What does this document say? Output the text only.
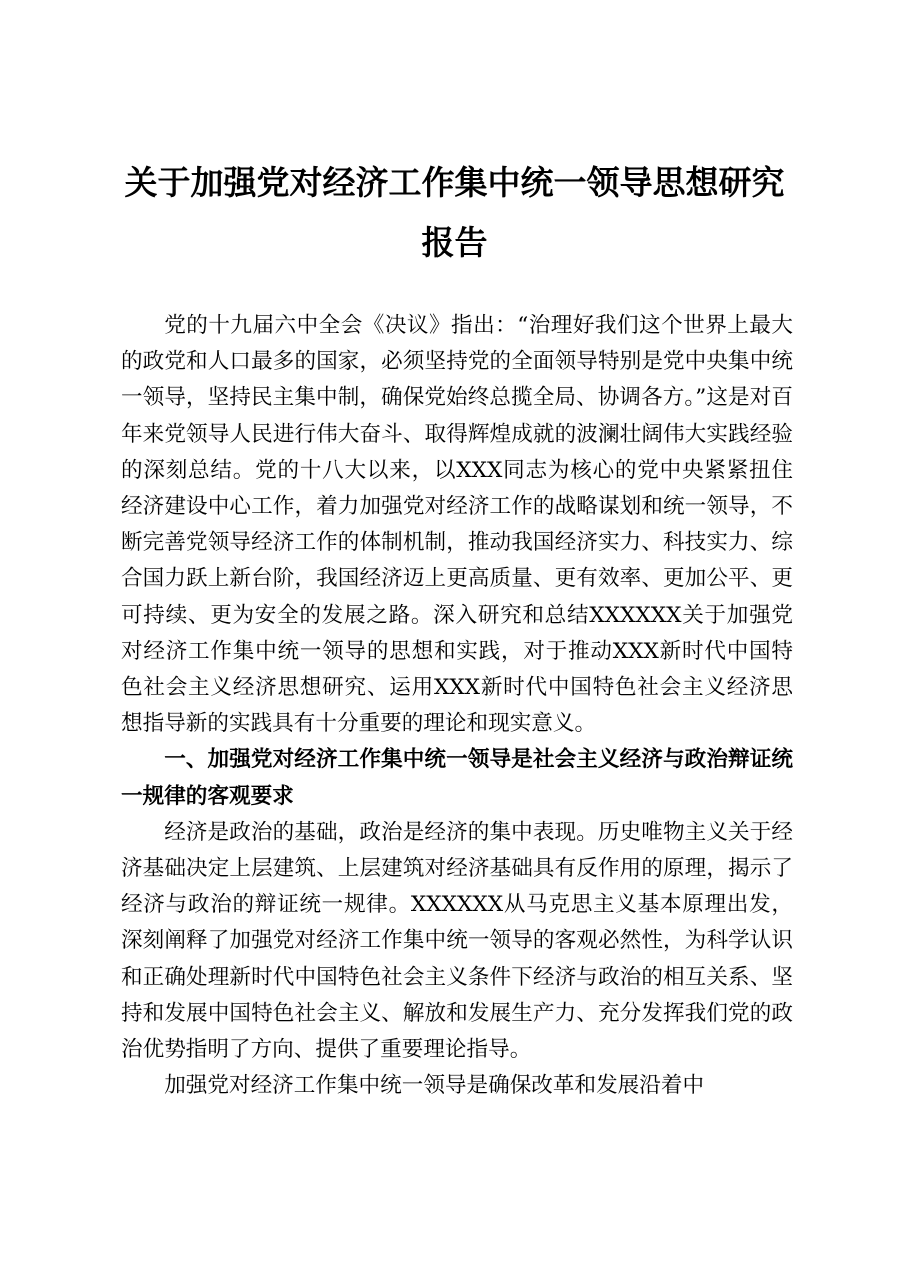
关于加强党对经济工作集中统一领导思想研究
报告

党的十九届六中全会《决议》指出：“治理好我们这个世界上最大的政党和人口最多的国家，必须坚持党的全面领导特别是党中央集中统一领导，坚持民主集中制，确保党始终总揽全局、协调各方。”这是对百年来党领导人民进行伟大奋斗、取得辉煌成就的波澜壮阔伟大实践经验的深刻总结。党的十八大以来，以XXX同志为核心的党中央紧紧扭住经济建设中心工作，着力加强党对经济工作的战略谋划和统一领导，不断完善党领导经济工作的体制机制，推动我国经济实力、科技实力、综合国力跃上新台阶，我国经济迈上更高质量、更有效率、更加公平、更可持续、更为安全的发展之路。深入研究和总结XXXXXX关于加强党对经济工作集中统一领导的思想和实践，对于推动XXX新时代中国特色社会主义经济思想研究、运用XXX新时代中国特色社会主义经济思想指导新的实践具有十分重要的理论和现实意义。

一、加强党对经济工作集中统一领导是社会主义经济与政治辩证统一规律的客观要求

经济是政治的基础，政治是经济的集中表现。历史唯物主义关于经济基础决定上层建筑、上层建筑对经济基础具有反作用的原理，揭示了经济与政治的辩证统一规律。XXXXXX从马克思主义基本原理出发，深刻阐释了加强党对经济工作集中统一领导的客观必然性，为科学认识和正确处理新时代中国特色社会主义条件下经济与政治的相互关系、坚持和发展中国特色社会主义、解放和发展生产力、充分发挥我们党的政治优势指明了方向、提供了重要理论指导。

加强党对经济工作集中统一领导是确保改革和发展沿着中
